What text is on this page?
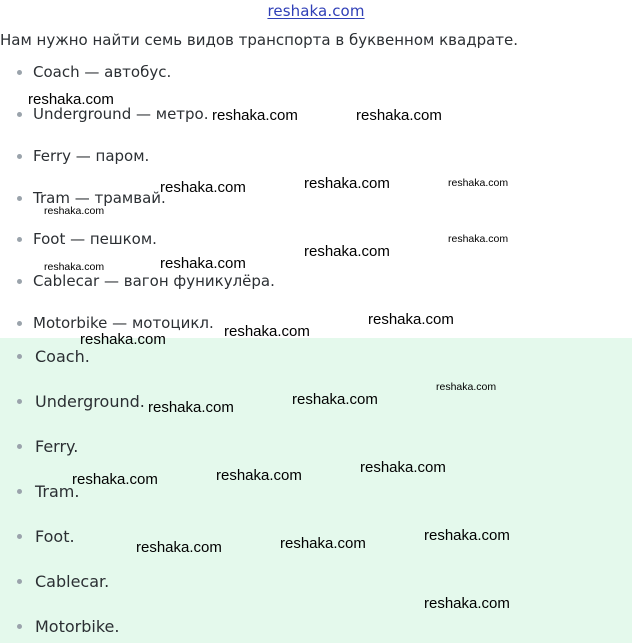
reshaka.com
Нам нужно найти семь видов транспорта в буквенном квадрате.
Coach — автобус.
Underground — метро.
Ferry — паром.
Tram — трамвай.
Foot — пешком.
Cablecar — вагон фуникулёра.
Motorbike — мотоцикл.
Coach.
Underground.
Ferry.
Tram.
Foot.
Cablecar.
Motorbike.
reshaka.com
reshaka.com	reshaka.com
reshaka.com	reshaka.com	reshaka.com
reshaka.com
reshaka.com
reshaka.com
reshaka.com
reshaka.com
reshaka.com
reshaka.com
reshaka.com
reshaka.com
reshaka.com
reshaka.com
reshaka.com
reshaka.com
reshaka.com
reshaka.com
reshaka.com
reshaka.com
reshaka.com
